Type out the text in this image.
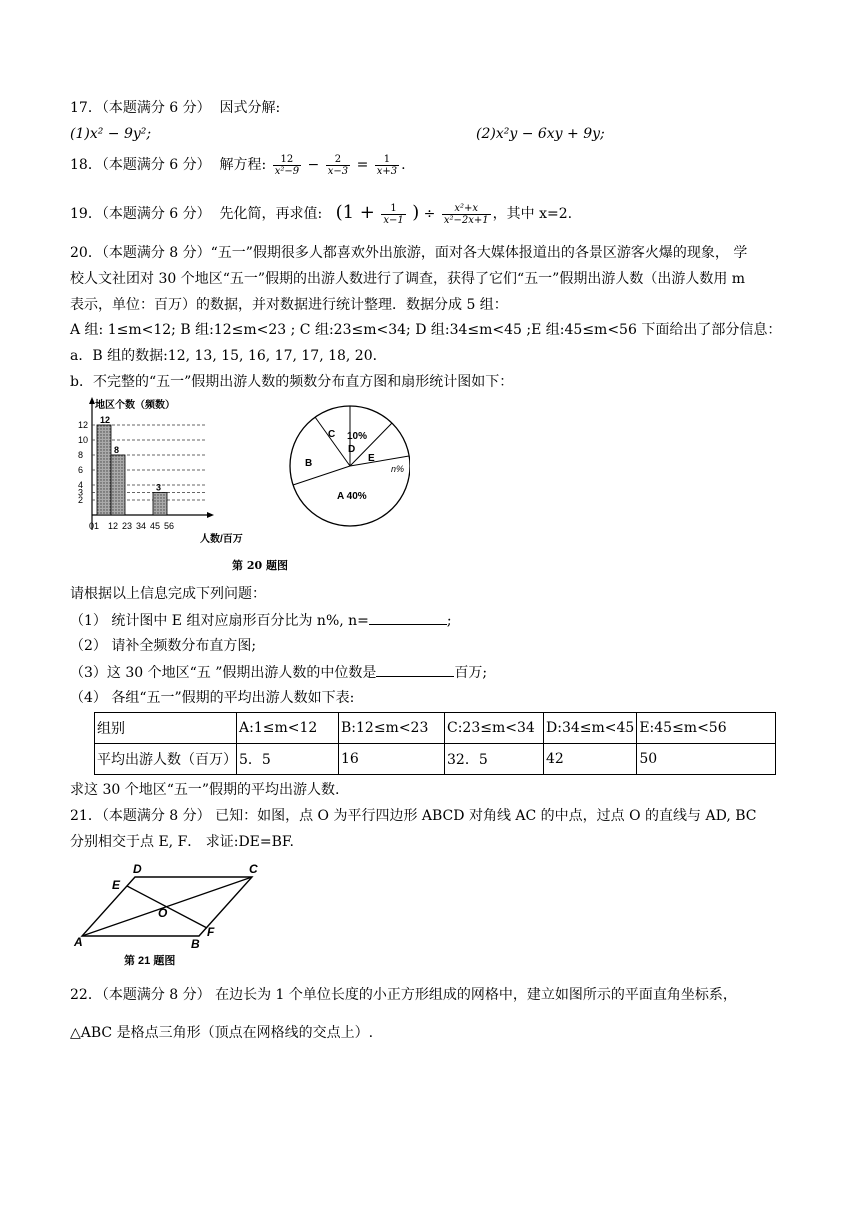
17．（本题满分 6 分） 因式分解:
(1)x² − 9y²;	(2)x²y − 6xy + 9y;
18．（本题满分 6 分） 解方程: $\frac{12}{\text{x²−9}} - \frac{2}{x-3} = \frac{1}{x+3}$ .
19．（本题满分 6 分） 先化简，再求值: ($1 + \frac{1}{x-1}$ ) ÷ $\frac{\text{x²+x}}{\text{x²−2x+1}}$ ，其中 x=2.
20．（本题满分 8 分）“五一”假期很多人都喜欢外出旅游，面对各大媒体报道出的各景区游客火爆的现象， 学
校人文社团对 30 个地区“五一”假期的出游人数进行了调查，获得了它们“五一”假期出游人数（出游人数用 m
表示，单位：百万）的数据，并对数据进行统计整理．数据分成 5 组：
A 组: 1≤m<12; B 组:12≤m<23 ; C 组:23≤m<34; D 组:34≤m<45 ;E 组:45≤m<56 下面给出了部分信息：
a．B 组的数据:12, 13, 15, 16, 17, 17, 18, 20．
b．不完整的“五一”假期出游人数的频数分布直方图和扇形统计图如下：
地区个数（频数）
人数/百万
12
8
3
2
3
4
6
8
10
12
0 1 12 23 34 45 56
A 40%
B
C 10%
D
E
n%
第 20 题图
请根据以上信息完成下列问题：
（1） 统计图中 E 组对应扇形百分比为 n%, n=	;
（2） 请补全频数分布直方图;
（3）这 30 个地区“五 ”假期出游人数的中位数是	百万;
（4） 各组“五一”假期的平均出游人数如下表:
组别	A:1≤m<12	B:12≤m<23	C:23≤m<34	D:34≤m<45	E:45≤m<56
平均出游人数（百万）	5．5	16	32．5	42	50
求这 30 个地区“五一”假期的平均出游人数.
21．（本题满分 8 分） 已知：如图，点 O 为平行四边形 ABCD 对角线 AC 的中点，过点 O 的直线与 AD, BC
分别相交于点 E, F． 求证:DE=BF.
A	B
C
D
E
F
O
第 21 题图
22．（本题满分 8 分） 在边长为 1 个单位长度的小正方形组成的网格中，建立如图所示的平面直角坐标系，
△ABC 是格点三角形（顶点在网格线的交点上）.
